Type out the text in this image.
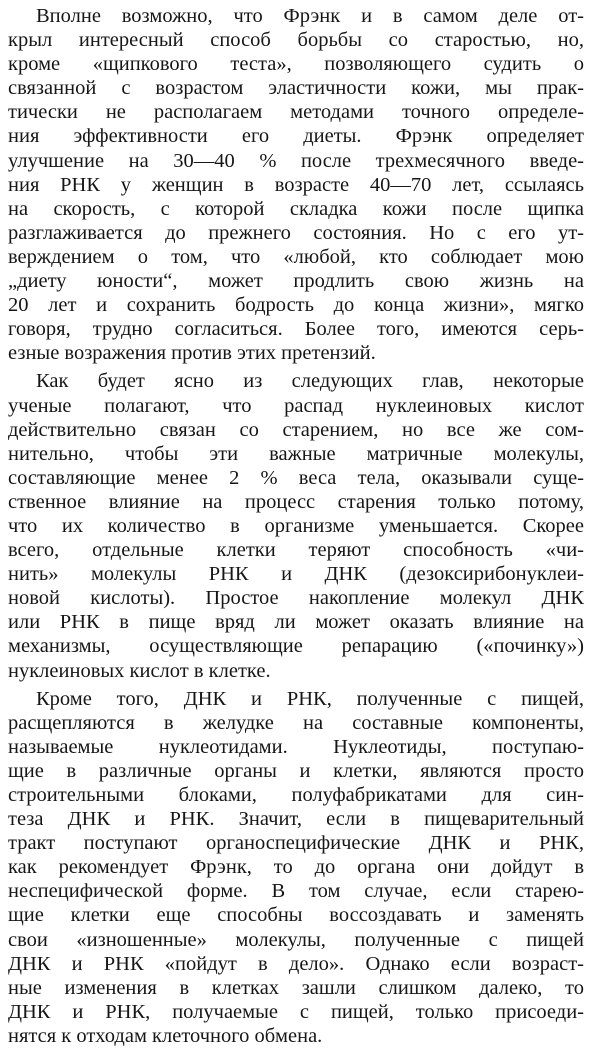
Вполне возможно, что Фрэнк и в самом деле от-
крыл интересный способ борьбы со старостью, но,
кроме «щипкового теста», позволяющего судить о
связанной с возрастом эластичности кожи, мы прак-
тически не располагаем методами точного определе-
ния эффективности его диеты. Фрэнк определяет
улучшение на 30—40 % после трехмесячного введе-
ния РНК у женщин в возрасте 40—70 лет, ссылаясь
на скорость, с которой складка кожи после щипка
разглаживается до прежнего состояния. Но с его ут-
верждением о том, что «любой, кто соблюдает мою
„диету юности“, может продлить свою жизнь на
20 лет и сохранить бодрость до конца жизни», мягко
говоря, трудно согласиться. Более того, имеются серь-
езные возражения против этих претензий.
Как будет ясно из следующих глав, некоторые
ученые полагают, что распад нуклеиновых кислот
действительно связан со старением, но все же сом-
нительно, чтобы эти важные матричные молекулы,
составляющие менее 2 % веса тела, оказывали суще-
ственное влияние на процесс старения только потому,
что их количество в организме уменьшается. Скорее
всего, отдельные клетки теряют способность «чи-
нить» молекулы РНК и ДНК (дезоксирибонуклеи-
новой кислоты). Простое накопление молекул ДНК
или РНК в пище вряд ли может оказать влияние на
механизмы, осуществляющие репарацию («починку»)
нуклеиновых кислот в клетке.
Кроме того, ДНК и РНК, полученные с пищей,
расщепляются в желудке на составные компоненты,
называемые нуклеотидами. Нуклеотиды, поступаю-
щие в различные органы и клетки, являются просто
строительными блоками, полуфабрикатами для син-
теза ДНК и РНК. Значит, если в пищеварительный
тракт поступают органоспецифические ДНК и РНК,
как рекомендует Фрэнк, то до органа они дойдут в
неспецифической форме. В том случае, если старею-
щие клетки еще способны воссоздавать и заменять
свои «изношенные» молекулы, полученные с пищей
ДНК и РНК «пойдут в дело». Однако если возраст-
ные изменения в клетках зашли слишком далеко, то
ДНК и РНК, получаемые с пищей, только присоеди-
нятся к отходам клеточного обмена.
